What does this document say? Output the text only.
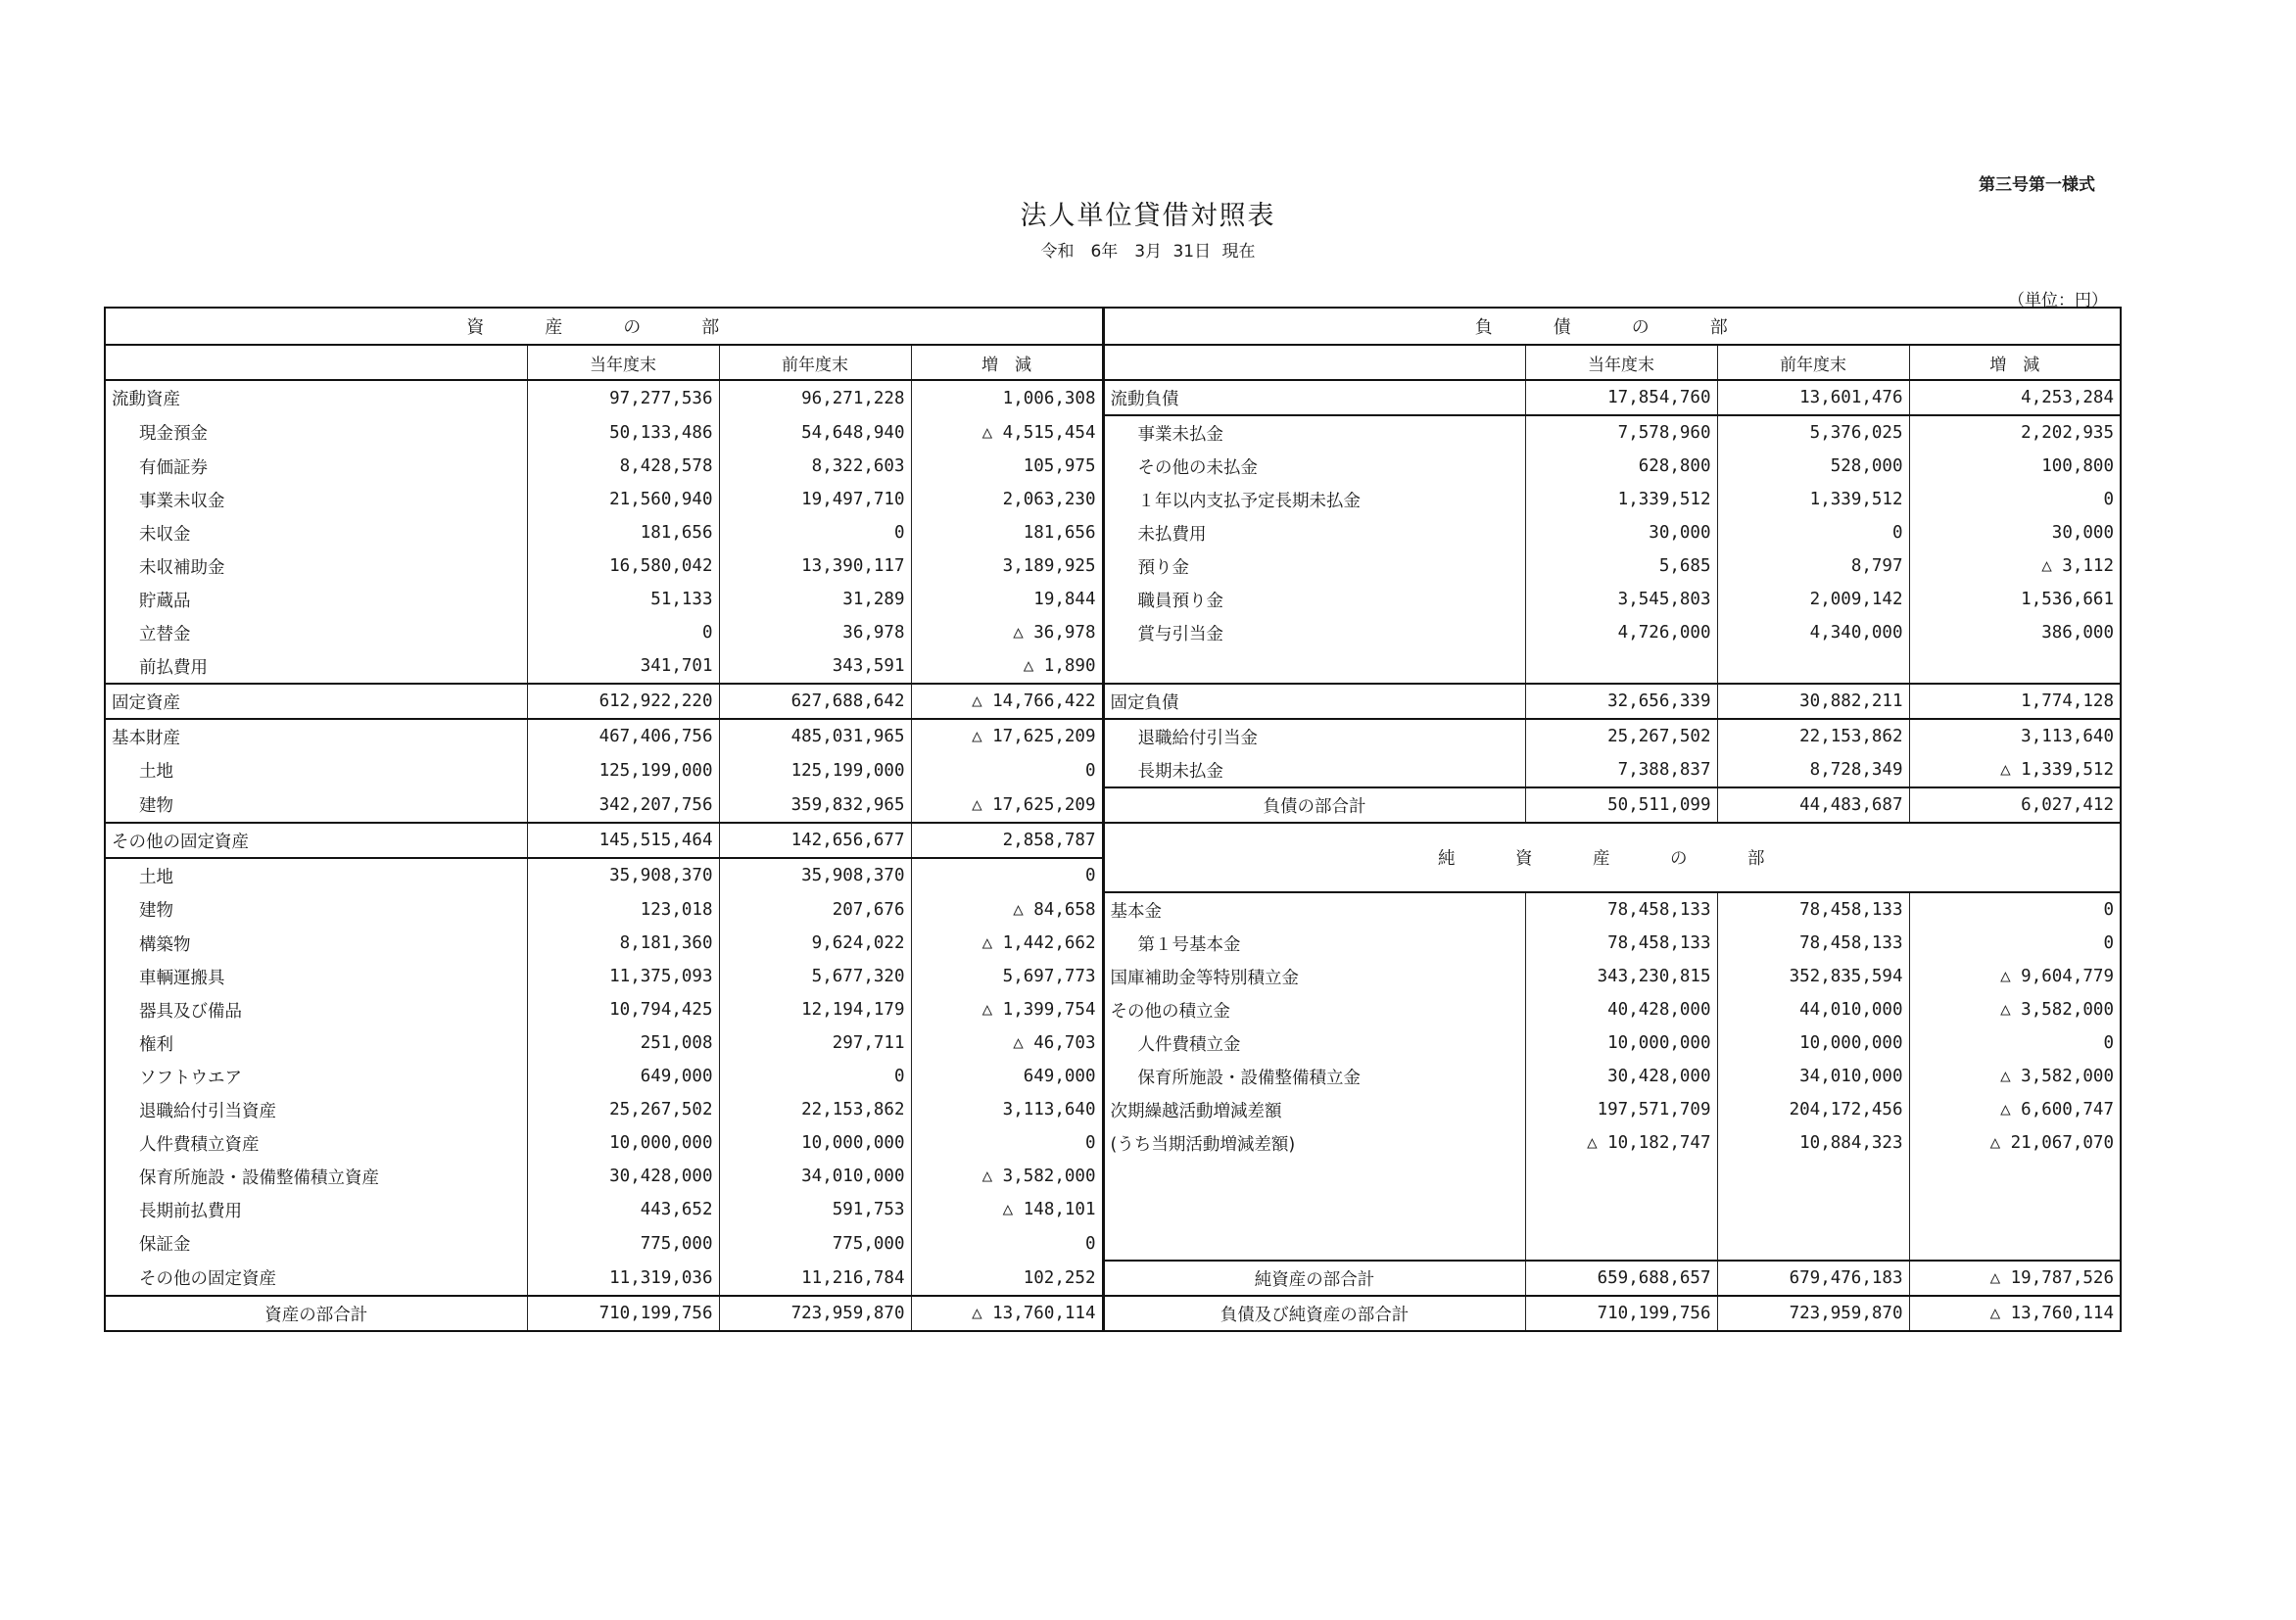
第三号第一様式
法人単位貸借対照表
令和　6年　3月 31日 現在
（単位：円）
資　産　の　部				負　債　の　部			
	当年度末	前年度末	増　減		当年度末	前年度末	増　減
流動資産	97,277,536	96,271,228	1,006,308	流動負債	17,854,760	13,601,476	4,253,284
現金預金	50,133,486	54,648,940	△ 4,515,454	事業未払金	7,578,960	5,376,025	2,202,935
有価証券	8,428,578	8,322,603	105,975	その他の未払金	628,800	528,000	100,800
事業未収金	21,560,940	19,497,710	2,063,230	１年以内支払予定長期未払金	1,339,512	1,339,512	0
未収金	181,656	0	181,656	未払費用	30,000	0	30,000
未収補助金	16,580,042	13,390,117	3,189,925	預り金	5,685	8,797	△ 3,112
貯蔵品	51,133	31,289	19,844	職員預り金	3,545,803	2,009,142	1,536,661
立替金	0	36,978	△ 36,978	賞与引当金	4,726,000	4,340,000	386,000
前払費用	341,701	343,591	△ 1,890				
固定資産	612,922,220	627,688,642	△ 14,766,422	固定負債	32,656,339	30,882,211	1,774,128
基本財産	467,406,756	485,031,965	△ 17,625,209	退職給付引当金	25,267,502	22,153,862	3,113,640
土地	125,199,000	125,199,000	0	長期未払金	7,388,837	8,728,349	△ 1,339,512
建物	342,207,756	359,832,965	△ 17,625,209	負債の部合計	50,511,099	44,483,687	6,027,412
その他の固定資産	145,515,464	142,656,677	2,858,787	純　資　産　の　部			
土地	35,908,370	35,908,370	0				
建物	123,018	207,676	△ 84,658	基本金	78,458,133	78,458,133	0
構築物	8,181,360	9,624,022	△ 1,442,662	第１号基本金	78,458,133	78,458,133	0
車輌運搬具	11,375,093	5,677,320	5,697,773	国庫補助金等特別積立金	343,230,815	352,835,594	△ 9,604,779
器具及び備品	10,794,425	12,194,179	△ 1,399,754	その他の積立金	40,428,000	44,010,000	△ 3,582,000
権利	251,008	297,711	△ 46,703	人件費積立金	10,000,000	10,000,000	0
ソフトウエア	649,000	0	649,000	保育所施設・設備整備積立金	30,428,000	34,010,000	△ 3,582,000
退職給付引当資産	25,267,502	22,153,862	3,113,640	次期繰越活動増減差額	197,571,709	204,172,456	△ 6,600,747
人件費積立資産	10,000,000	10,000,000	0	(うち当期活動増減差額)	△ 10,182,747	10,884,323	△ 21,067,070
保育所施設・設備整備積立資産	30,428,000	34,010,000	△ 3,582,000				
長期前払費用	443,652	591,753	△ 148,101				
保証金	775,000	775,000	0				
その他の固定資産	11,319,036	11,216,784	102,252	純資産の部合計	659,688,657	679,476,183	△ 19,787,526
資産の部合計	710,199,756	723,959,870	△ 13,760,114	負債及び純資産の部合計	710,199,756	723,959,870	△ 13,760,114
